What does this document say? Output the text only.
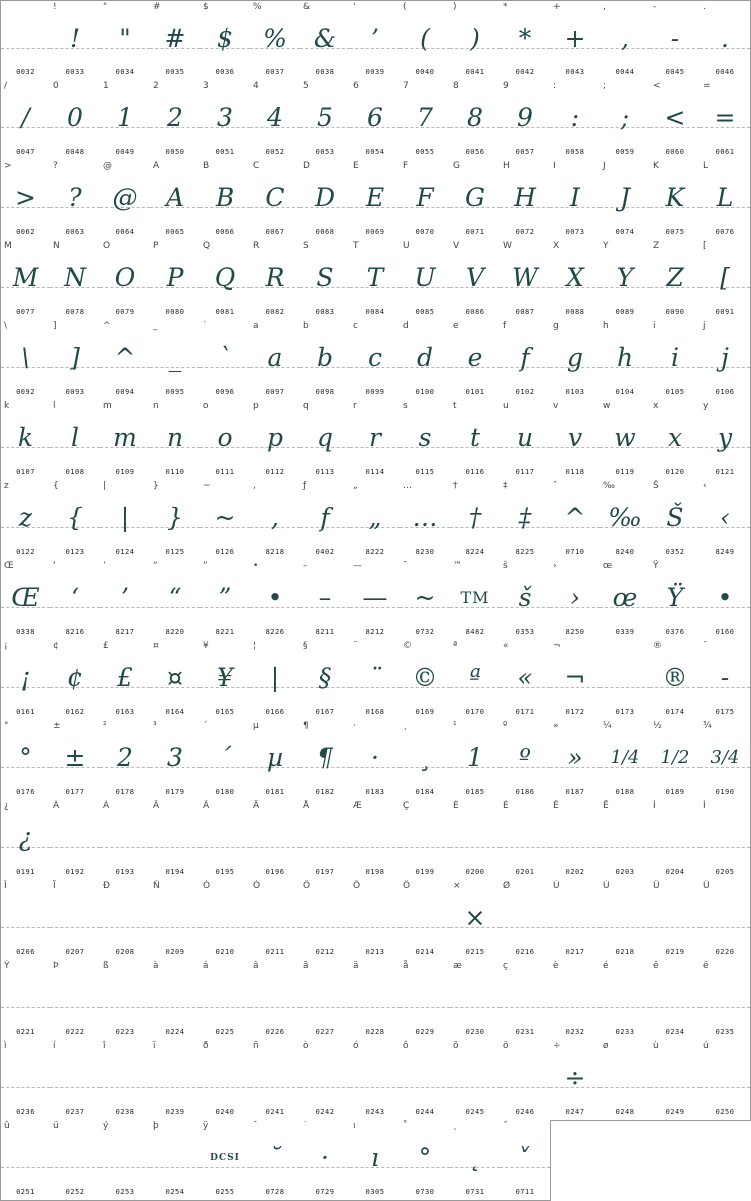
0032
!
!
0033
"
"
0034
#
#
0035
$
$
0036
%
%
0037
&
&
0038
'
’
0039
(
(
0040
)
)
0041
*
*
0042
+
+
0043
,
,
0044
-
-
0045
.
.
0046
/
/
0047
0
0
0048
1
1
0049
2
2
0050
3
3
0051
4
4
0052
5
5
0053
6
6
0054
7
7
0055
8
8
0056
9
9
0057
:
:
0058
;
;
0059
<
<
0060
=
=
0061
>
>
0062
?
?
0063
@
@
0064
A
A
0065
B
B
0066
C
C
0067
D
D
0068
E
E
0069
F
F
0070
G
G
0071
H
H
0072
I
I
0073
J
J
0074
K
K
0075
L
L
0076
M
M
0077
N
N
0078
O
O
0079
P
P
0080
Q
Q
0081
R
R
0082
S
S
0083
T
T
0084
U
U
0085
V
V
0086
W
W
0087
X
X
0088
Y
Y
0089
Z
Z
0090
[
[
0091
\
\
0092
]
]
0093
^
^
0094
_
_
0095
`
`
0096
a
a
0097
b
b
0098
c
c
0099
d
d
0100
e
e
0101
f
f
0102
g
g
0103
h
h
0104
i
i
0105
j
j
0106
k
k
0107
l
l
0108
m
m
0109
n
n
0110
o
o
0111
p
p
0112
q
q
0113
r
r
0114
s
s
0115
t
t
0116
u
u
0117
v
v
0118
w
w
0119
x
x
0120
y
y
0121
z
z
0122
{
{
0123
|
|
0124
}
}
0125
~
~
0126
,
,
8218
ƒ
f
0402
„
„
8222
…
…
8230
†
†
8224
‡
‡
8225
ˆ
^
0710
‰
‰
8240
Š
Š
0352
‹
‹
8249
Œ
Œ
0338
‘
‘
8216
’
’
8217
“
“
8220
”
”
8221
•
•
8226
–
–
8211
—
—
8212
˜
~
0732
™
TM
8482
š
š
0353
›
›
8250
œ
œ
0339
Ÿ
Ÿ
0376
•
0160
¡
¡
0161
¢
¢
0162
£
£
0163
¤
¤
0164
¥
¥
0165
¦
|
0166
§
§
0167
¨
¨
0168
©
©
0169
ª
ª
0170
«
«
0171
¬
¬
0172	0173
®
®
0174
¯
-
0175
°
°
0176
±
±
0177
²
2
0178
³
3
0179
´
´
0180
µ
µ
0181
¶
¶
0182
·
·
0183
¸
¸
0184
¹
1
0185
º
º
0186
»
»
0187
¼
1/4
0188
½
1/2
0189
¾
3/4
0190
¿
¿
0191
À
0192
Á
0193
Â
0194
Ã
0195
Ä
0196
Å
0197
Æ
0198
Ç
0199
È
0200
É
0201
Ê
0202
Ë
0203
Ì
0204
Í
0205
Î
0206
Ï
0207
Ð
0208
Ñ
0209
Ò
0210
Ó
0211
Ô
0212
Õ
0213
Ö
0214
×
×
0215
Ø
0216
Ù
0217
Ú
0218
Û
0219
Ü
0220
Ý
0221
Þ
0222
ß
0223
à
0224
á
0225
â
0226
ã
0227
ä
0228
å
0229
æ
0230
ç
0231
è
0232
é
0233
ê
0234
ë
0235
ì
0236
í
0237
î
0238
ï
0239
ð
0240
ñ
0241
ò
0242
ó
0243
ô
0244
õ
0245
ö
0246
÷
÷
0247
ø
0248
ù
0249
ú
0250
û
0251
ü
0252
ý
0253
þ
0254
ÿ
DCSI
0255
˘
˘
0728
˙
·
0729
ı
ı
0305
˚
°
0730
˛
˛
0731
˝
˅
0711
